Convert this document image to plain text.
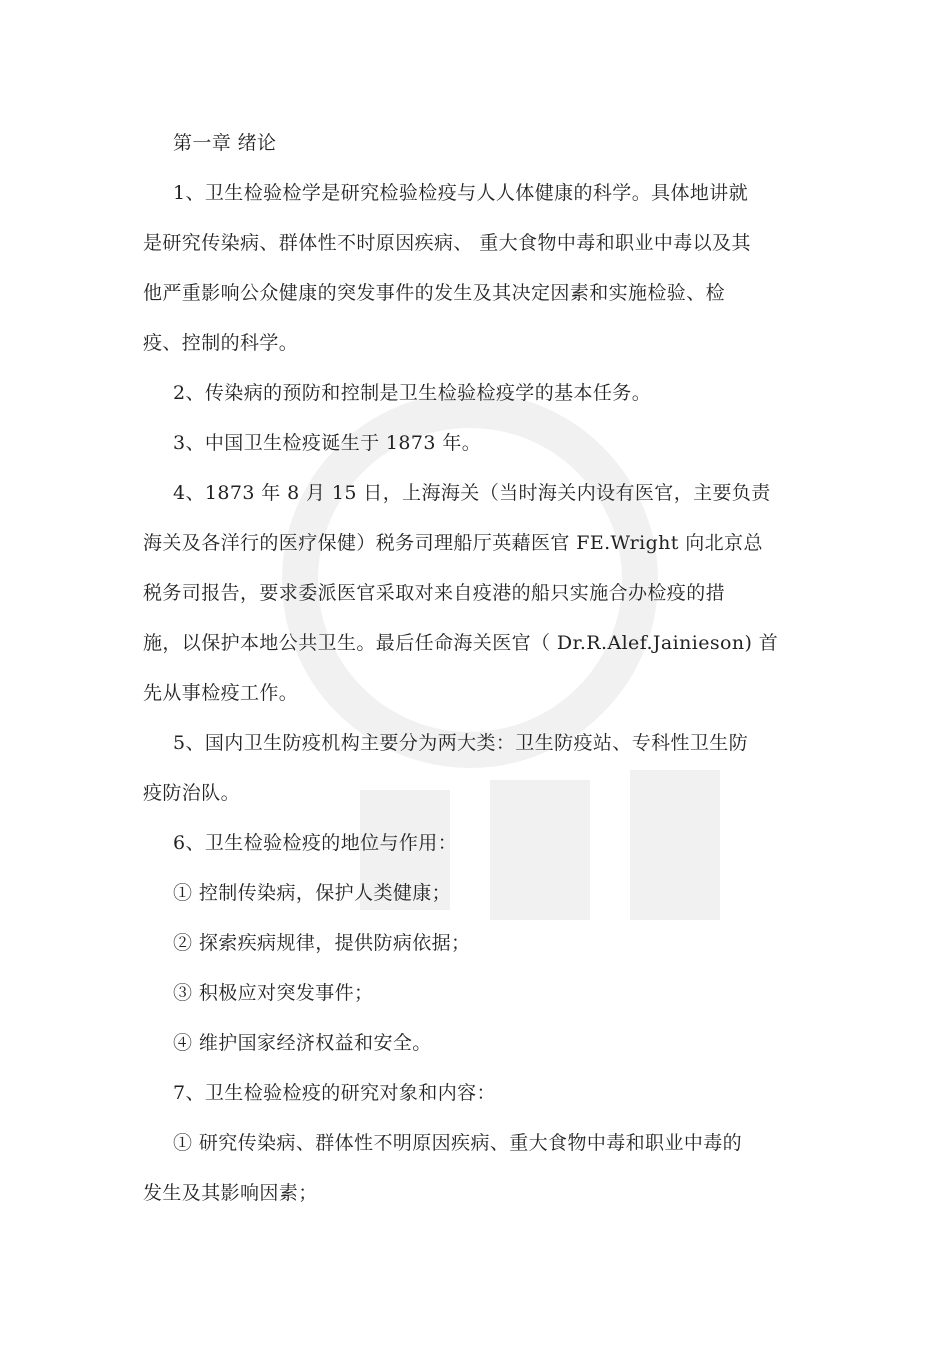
第一章 绪论
1、卫生检验检学是研究检验检疫与人人体健康的科学。具体地讲就
是研究传染病、群体性不时原因疾病、 重大食物中毒和职业中毒以及其
他严重影响公众健康的突发事件的发生及其决定因素和实施检验、检
疫、控制的科学。
2、传染病的预防和控制是卫生检验检疫学的基本任务。
3、中国卫生检疫诞生于 1873 年。
4、1873 年 8 月 15 日，上海海关（当时海关内设有医官，主要负责
海关及各洋行的医疗保健）税务司理船厅英藉医官 FE.Wright 向北京总
税务司报告，要求委派医官采取对来自疫港的船只实施合办检疫的措
施，以保护本地公共卫生。最后任命海关医官（ Dr.R.Alef.Jainieson) 首
先从事检疫工作。
5、国内卫生防疫机构主要分为两大类：卫生防疫站、专科性卫生防
疫防治队。
6、卫生检验检疫的地位与作用：
① 控制传染病，保护人类健康；
② 探索疾病规律，提供防病依据；
③ 积极应对突发事件；
④ 维护国家经济权益和安全。
7、卫生检验检疫的研究对象和内容：
① 研究传染病、群体性不明原因疾病、重大食物中毒和职业中毒的
发生及其影响因素；
